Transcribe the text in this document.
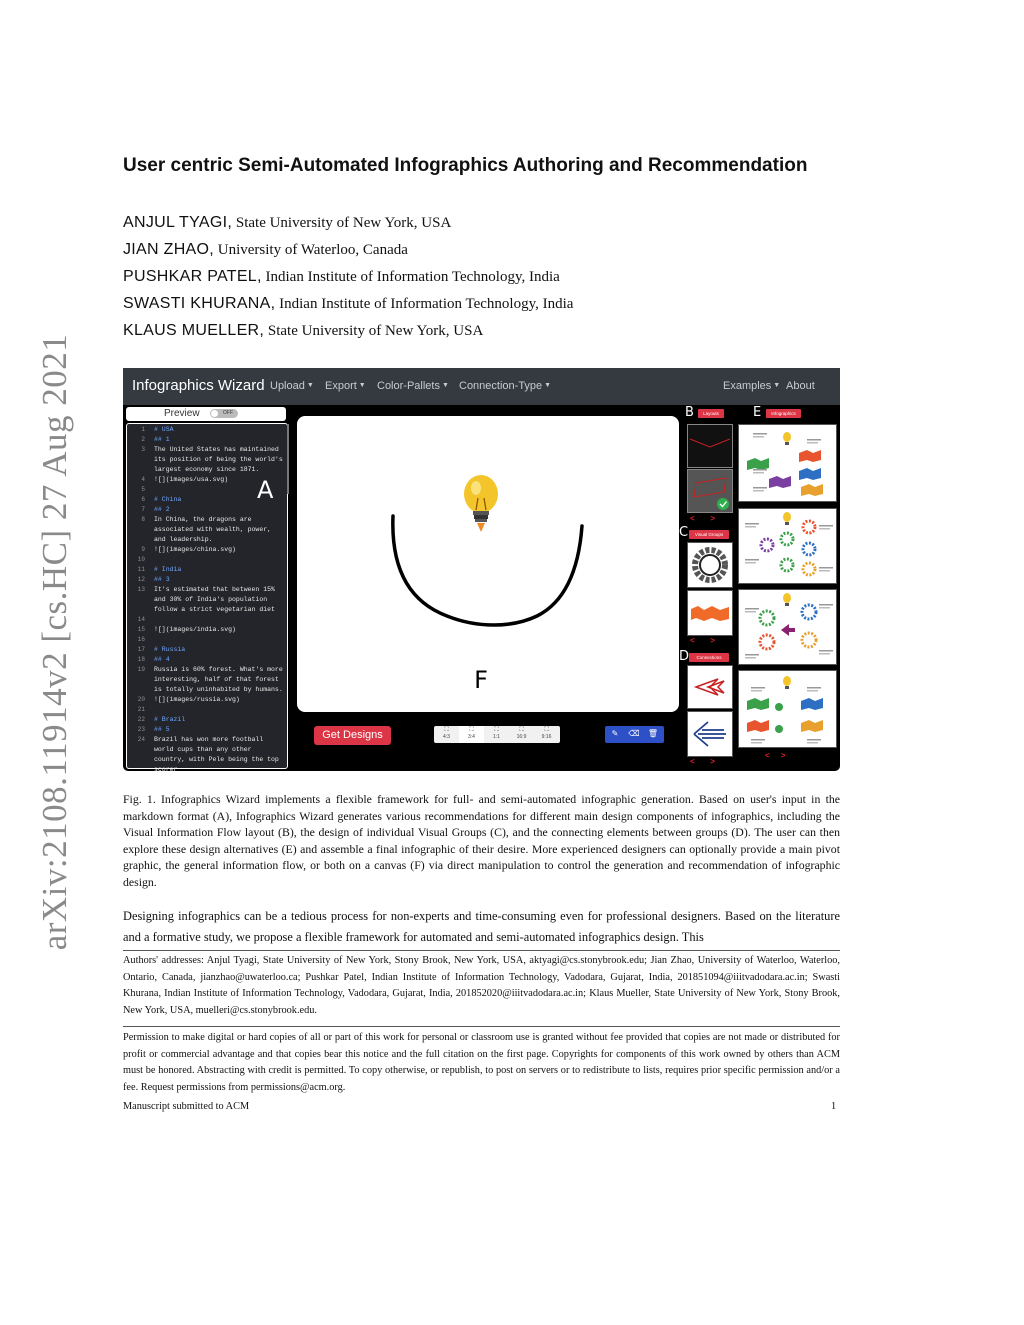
arXiv:2108.11914v2 [cs.HC] 27 Aug 2021
User centric Semi-Automated Infographics Authoring and Recommendation
ANJUL TYAGI, State University of New York, USA
JIAN ZHAO, University of Waterloo, Canada
PUSHKAR PATEL, Indian Institute of Information Technology, India
SWASTI KHURANA, Indian Institute of Information Technology, India
KLAUS MUELLER, State University of New York, USA
Infographics Wizard Upload ▼ Export ▼ Color-Pallets ▼ Connection-Type ▼	Examples ▼ About
Preview	OFF
A
1 # USA
2 ## 1
3 The United States has maintained
its position of being the world's
largest economy since 1871.
4 ![](images/usa.svg)
5
6 # China
7 ## 2
8 In China, the dragons are
associated with wealth, power,
and leadership.
9 ![](images/china.svg)
10
11 # India
12 ## 3
13 It's estimated that between 15%
and 30% of India's population
follow a strict vegetarian diet
14
15 ![](images/india.svg)
16
17 # Russia
18 ## 4
19 Russia is 60% forest. What's more
interesting, half of that forest
is totally uninhabited by humans.
20 ![](images/russia.svg)
21
22 # Brazil
23 ## 5
24 Brazil has won more football
world cups than any other
country, with Pele being the top
scorer
F
Get Designs	⛶
4:3
⛶
3:4
⛶
1:1
⛶
16:9
⛶
9:16	✎	⌫	🗑
B	Layouts
<       >
C	Visual Groups
<       >
D	Connections
<       >
E	Infographics
<     >
Fig. 1. Infographics Wizard implements a flexible framework for full- and semi-automated infographic generation. Based on user's input in the markdown format (A), Infographics Wizard generates various recommendations for different main design components of infographics, including the Visual Information Flow layout (B), the design of individual Visual Groups (C), and the connecting elements between groups (D). The user can then explore these design alternatives (E) and assemble a final infographic of their desire. More experienced designers can optionally provide a main pivot graphic, the general information flow, or both on a canvas (F) via direct manipulation to control the generation and recommendation of infographic design.
Designing infographics can be a tedious process for non-experts and time-consuming even for professional designers. Based on the literature and a formative study, we propose a flexible framework for automated and semi-automated infographics design. This
Authors' addresses: Anjul Tyagi, State University of New York, Stony Brook, New York, USA, aktyagi@cs.stonybrook.edu; Jian Zhao, University of Waterloo, Waterloo, Ontario, Canada, jianzhao@uwaterloo.ca; Pushkar Patel, Indian Institute of Information Technology, Vadodara, Gujarat, India, 201851094@iiitvadodara.ac.in; Swasti Khurana, Indian Institute of Information Technology, Vadodara, Gujarat, India, 201852020@iiitvadodara.ac.in; Klaus Mueller, State University of New York, Stony Brook, New York, USA, muelleri@cs.stonybrook.edu.
Permission to make digital or hard copies of all or part of this work for personal or classroom use is granted without fee provided that copies are not made or distributed for profit or commercial advantage and that copies bear this notice and the full citation on the first page. Copyrights for components of this work owned by others than ACM must be honored. Abstracting with credit is permitted. To copy otherwise, or republish, to post on servers or to redistribute to lists, requires prior specific permission and/or a fee. Request permissions from permissions@acm.org.
Manuscript submitted to ACM	1
